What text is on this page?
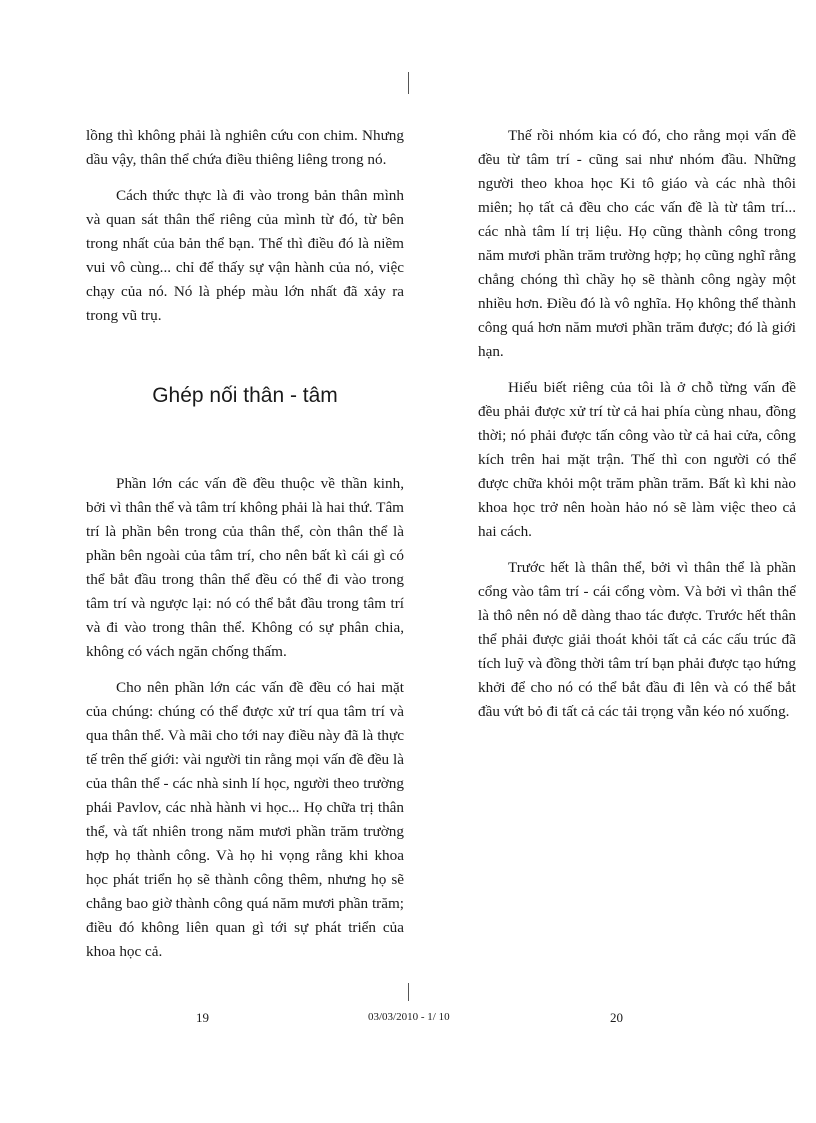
lồng thì không phải là nghiên cứu con chim. Nhưng dầu vậy, thân thể chứa điều thiêng liêng trong nó.

Cách thức thực là đi vào trong bản thân mình và quan sát thân thể riêng của mình từ đó, từ bên trong nhất của bản thể bạn. Thế thì điều đó là niềm vui vô cùng... chỉ để thấy sự vận hành của nó, việc chạy của nó. Nó là phép màu lớn nhất đã xảy ra trong vũ trụ.

Ghép nối thân - tâm

Phần lớn các vấn đề đều thuộc về thần kinh, bởi vì thân thể và tâm trí không phải là hai thứ. Tâm trí là phần bên trong của thân thể, còn thân thể là phần bên ngoài của tâm trí, cho nên bất kì cái gì có thể bắt đầu trong thân thể đều có thể đi vào trong tâm trí và ngược lại: nó có thể bắt đầu trong tâm trí và đi vào trong thân thể. Không có sự phân chia, không có vách ngăn chống thấm.

Cho nên phần lớn các vấn đề đều có hai mặt của chúng: chúng có thể được xử trí qua tâm trí và qua thân thể. Và mãi cho tới nay điều này đã là thực tế trên thế giới: vài người tin rằng mọi vấn đề đều là của thân thể - các nhà sinh lí học, người theo trường phái Pavlov, các nhà hành vi học... Họ chữa trị thân thể, và tất nhiên trong năm mươi phần trăm trường hợp họ thành công. Và họ hi vọng rằng khi khoa học phát triển họ sẽ thành công thêm, nhưng họ sẽ chẳng bao giờ thành công quá năm mươi phần trăm; điều đó không liên quan gì tới sự phát triển của khoa học cả.

Thế rồi nhóm kia có đó, cho rằng mọi vấn đề đều từ tâm trí - cũng sai như nhóm đầu. Những người theo khoa học Ki tô giáo và các nhà thôi miên; họ tất cả đều cho các vấn đề là từ tâm trí... các nhà tâm lí trị liệu. Họ cũng thành công trong năm mươi phần trăm trường hợp; họ cũng nghĩ rằng chẳng chóng thì chầy họ sẽ thành công ngày một nhiều hơn. Điều đó là vô nghĩa. Họ không thể thành công quá hơn năm mươi phần trăm được; đó là giới hạn.

Hiểu biết riêng của tôi là ở chỗ từng vấn đề đều phải được xử trí từ cả hai phía cùng nhau, đồng thời; nó phải được tấn công vào từ cả hai cửa, công kích trên hai mặt trận. Thế thì con người có thể được chữa khỏi một trăm phần trăm. Bất kì khi nào khoa học trở nên hoàn hảo nó sẽ làm việc theo cả hai cách.

Trước hết là thân thể, bởi vì thân thể là phần cổng vào tâm trí - cái cổng vòm. Và bởi vì thân thể là thô nên nó dễ dàng thao tác được. Trước hết thân thể phải được giải thoát khỏi tất cả các cấu trúc đã tích luỹ và đồng thời tâm trí bạn phải được tạo hứng khởi để cho nó có thể bắt đầu đi lên và có thể bắt đầu vứt bỏ đi tất cả các tải trọng vẫn kéo nó xuống.

19	03/03/2010 - 1/ 10	20
